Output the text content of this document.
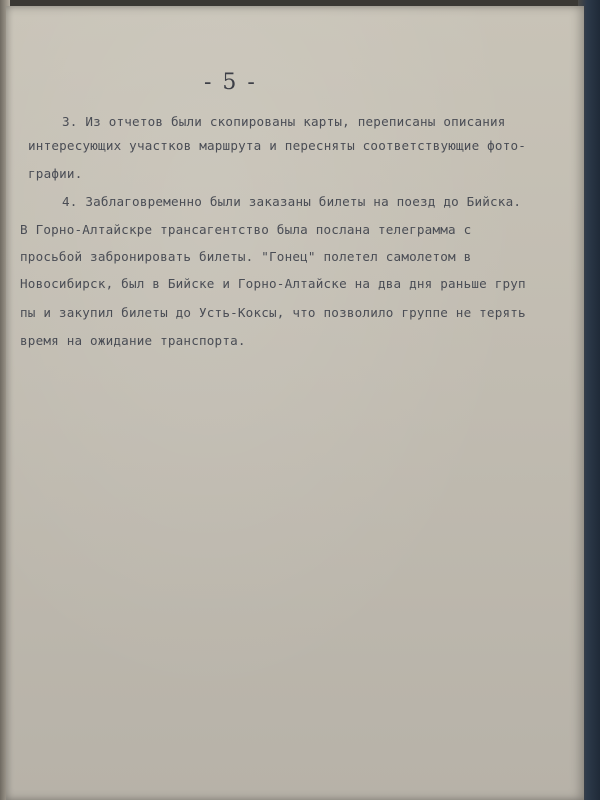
- 5 -
3. Из отчетов были скопированы карты, переписаны описания
интересующих участков маршрута и пересняты соответствующие фото-
графии.
4. Заблаговременно были заказаны билеты на поезд до Бийска.
В Горно-Алтайскре трансагентство была послана телеграмма с
просьбой забронировать билеты. "Гонец" полетел самолетом в
Новосибирск, был в Бийске и Горно-Алтайске на два дня раньше груп
пы и закупил билеты до Усть-Коксы, что позволило группе не терять
время на ожидание транспорта.
